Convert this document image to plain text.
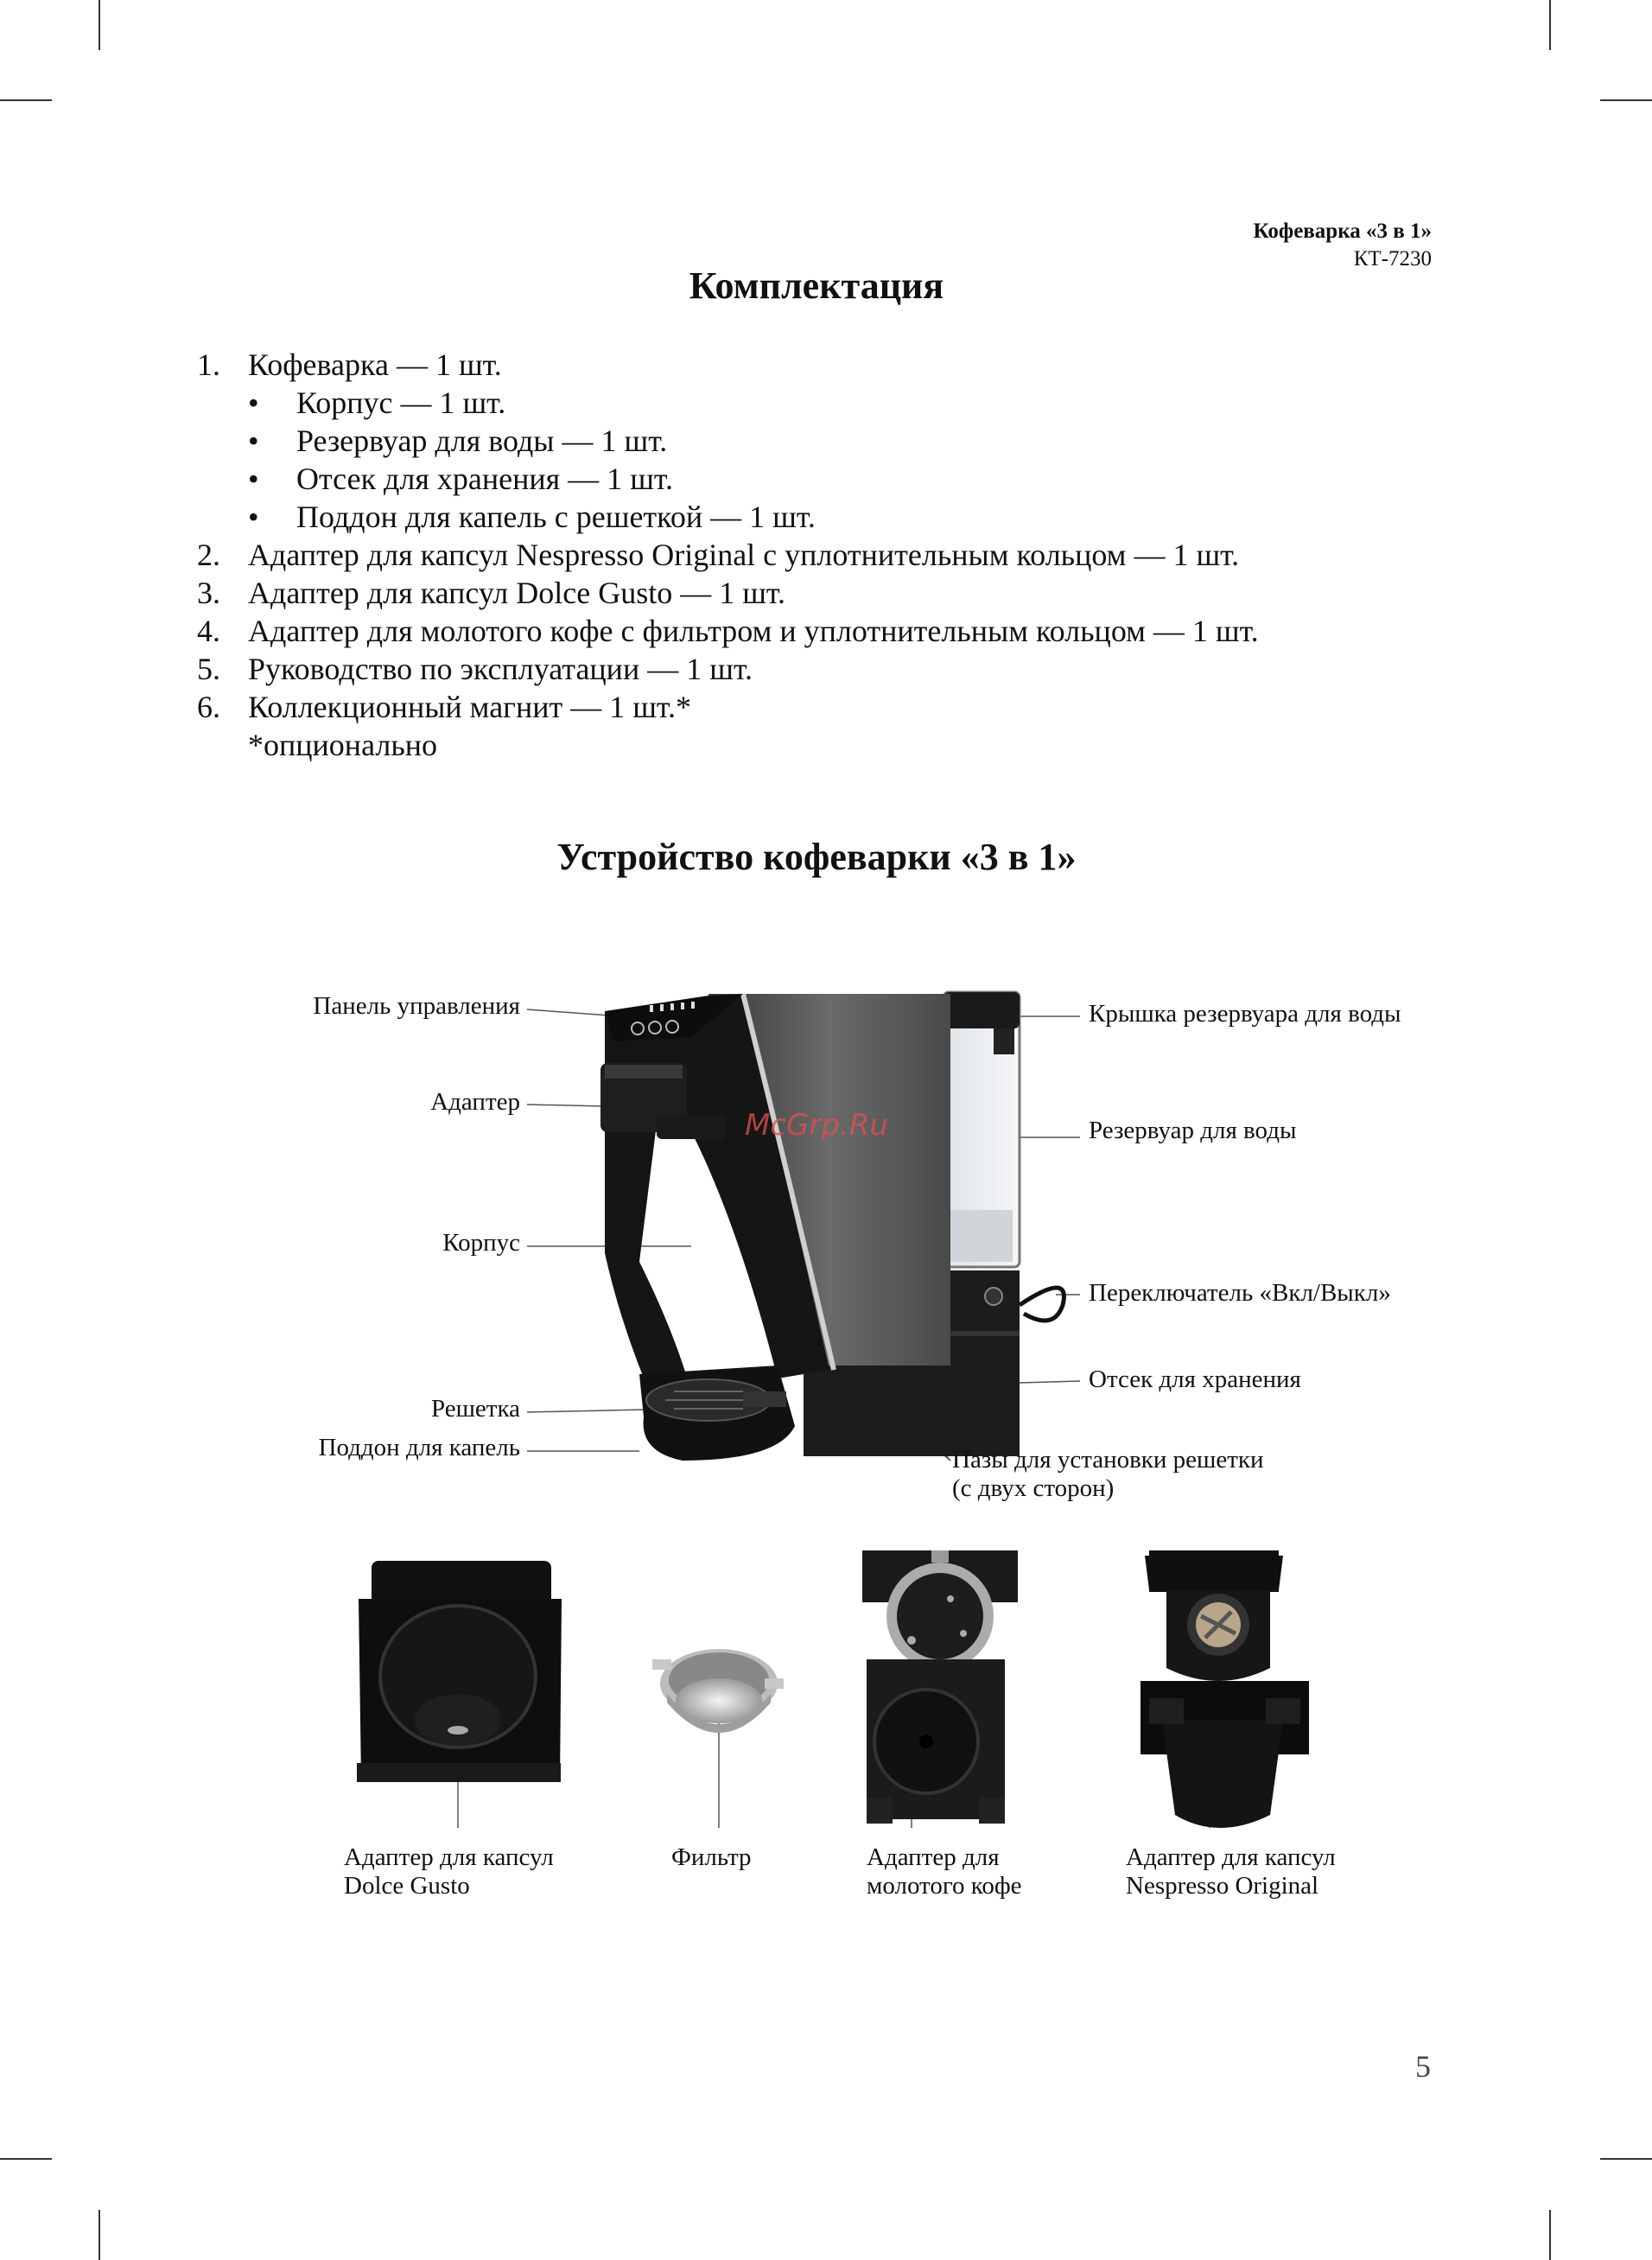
Кофеварка «3 в 1»
КТ-7230
Комплектация
1. Кофеварка — 1 шт.
• Корпус — 1 шт.
• Резервуар для воды — 1 шт.
• Отсек для хранения — 1 шт.
• Поддон для капель с решеткой — 1 шт.
2. Адаптер для капсул Nespresso Original с уплотнительным кольцом — 1 шт.
3. Адаптер для капсул Dolce Gusto — 1 шт.
4. Адаптер для молотого кофе с фильтром и уплотнительным кольцом — 1 шт.
5. Руководство по эксплуатации — 1 шт.
6. Коллекционный магнит — 1 шт.*
*опционально
Устройство кофеварки «3 в 1»
McGrp.Ru
Панель управления
Адаптер
Корпус
Решетка
Поддон для капель
Крышка резервуара для воды
Резервуар для воды
Переключатель «Вкл/Выкл»
Отсек для хранения
Пазы для установки решетки
(с двух сторон)
Адаптер для капсул
Dolce Gusto
Фильтр	Адаптер для
молотого кофе
Адаптер для капсул
Nespresso Original
5
